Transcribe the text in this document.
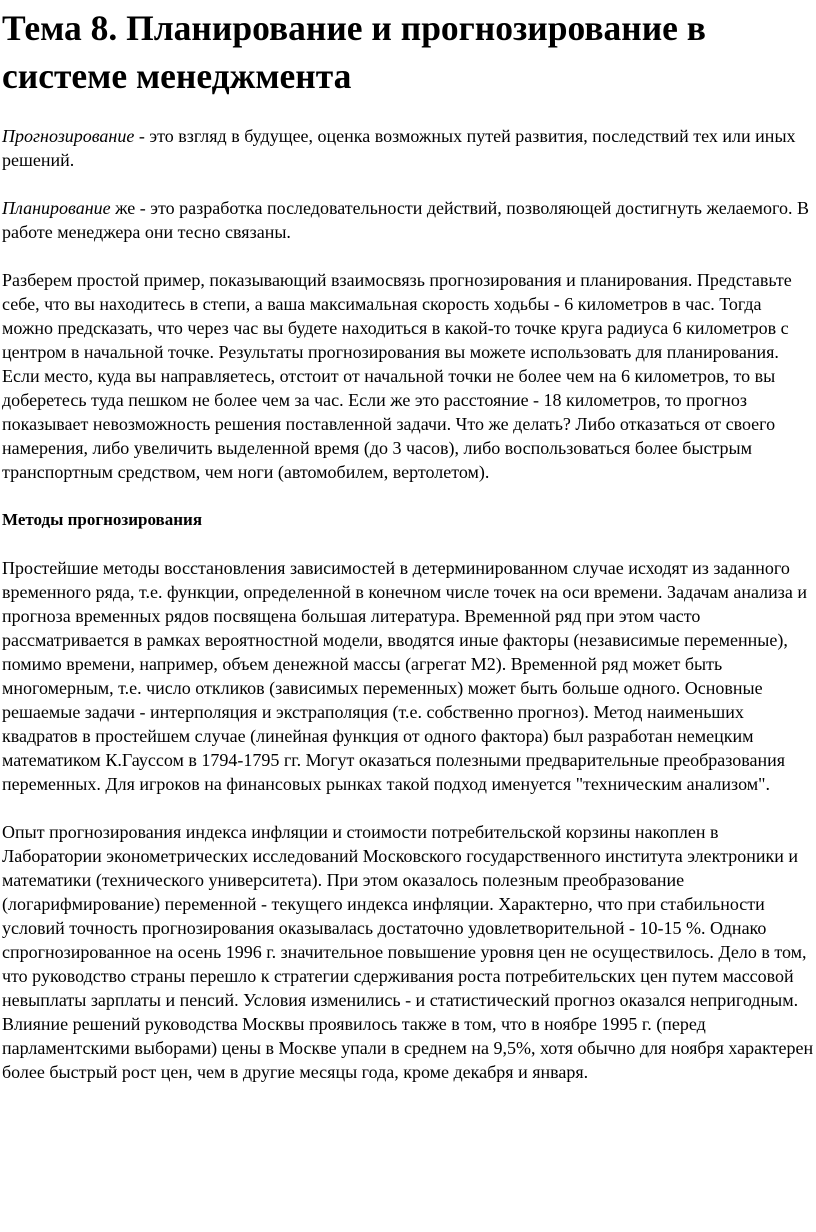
Тема 8. Планирование и прогнозирование в системе менеджмента

Прогнозирование - это взгляд в будущее, оценка возможных путей развития, последствий тех или иных решений.

Планирование же - это разработка последовательности действий, позволяющей достигнуть желаемого. В работе менеджера они тесно связаны.

Разберем простой пример, показывающий взаимосвязь прогнозирования и планирования. Представьте себе, что вы находитесь в степи, а ваша максимальная скорость ходьбы - 6 километров в час. Тогда можно предсказать, что через час вы будете находиться в какой-то точке круга радиуса 6 километров с центром в начальной точке. Результаты прогнозирования вы можете использовать для планирования. Если место, куда вы направляетесь, отстоит от начальной точки не более чем на 6 километров, то вы доберетесь туда пешком не более чем за час. Если же это расстояние - 18 километров, то прогноз показывает невозможность решения поставленной задачи. Что же делать? Либо отказаться от своего намерения, либо увеличить выделенной время (до 3 часов), либо воспользоваться более быстрым транспортным средством, чем ноги (автомобилем, вертолетом).

Методы прогнозирования

Простейшие методы восстановления зависимостей в детерминированном случае исходят из заданного временного ряда, т.е. функции, определенной в конечном числе точек на оси времени. Задачам анализа и прогноза временных рядов посвящена большая литература. Временной ряд при этом часто рассматривается в рамках вероятностной модели, вводятся иные факторы (независимые переменные), помимо времени, например, объем денежной массы (агрегат М2). Временной ряд может быть многомерным, т.е. число откликов (зависимых переменных) может быть больше одного. Основные решаемые задачи - интерполяция и экстраполяция (т.е. собственно прогноз). Метод наименьших квадратов в простейшем случае (линейная функция от одного фактора) был разработан немецким математиком К.Гауссом в 1794-1795 гг. Могут оказаться полезными предварительные преобразования переменных. Для игроков на финансовых рынках такой подход именуется "техническим анализом".

Опыт прогнозирования индекса инфляции и стоимости потребительской корзины накоплен в Лаборатории эконометрических исследований Московского государственного института электроники и математики (технического университета). При этом оказалось полезным преобразование (логарифмирование) переменной - текущего индекса инфляции. Характерно, что при стабильности условий точность прогнозирования оказывалась достаточно удовлетворительной - 10-15 %. Однако спрогнозированное на осень 1996 г. значительное повышение уровня цен не осуществилось. Дело в том, что руководство страны перешло к стратегии сдерживания роста потребительских цен путем массовой невыплаты зарплаты и пенсий. Условия изменились - и статистический прогноз оказался непригодным. Влияние решений руководства Москвы проявилось также в том, что в ноябре 1995 г. (перед парламентскими выборами) цены в Москве упали в среднем на 9,5%, хотя обычно для ноября характерен более быстрый рост цен, чем в другие месяцы года, кроме декабря и января.
